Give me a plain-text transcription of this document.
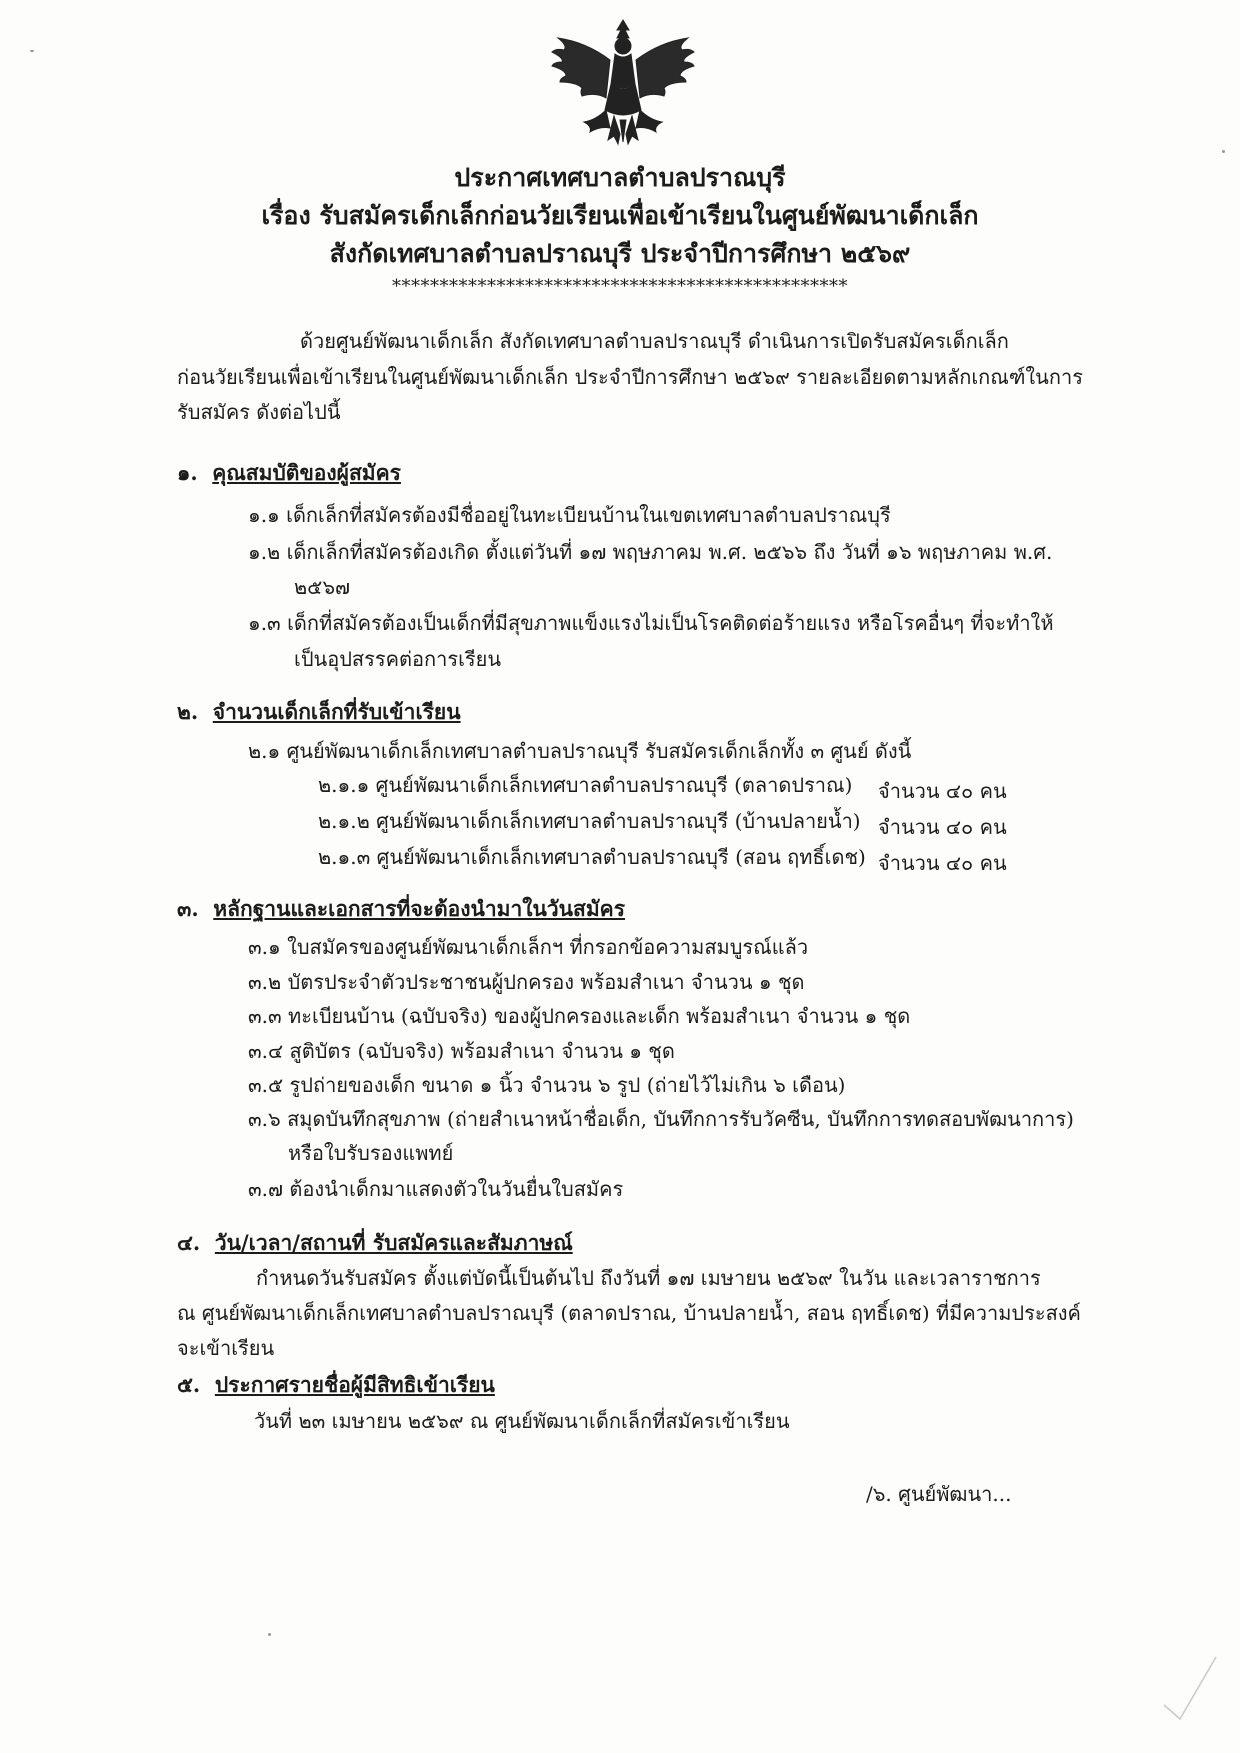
ประกาศเทศบาลตำบลปราณบุรี
เรื่อง รับสมัครเด็กเล็กก่อนวัยเรียนเพื่อเข้าเรียนในศูนย์พัฒนาเด็กเล็ก
สังกัดเทศบาลตำบลปราณบุรี ประจำปีการศึกษา ๒๕๖๙
************************************************
ด้วยศูนย์พัฒนาเด็กเล็ก สังกัดเทศบาลตำบลปราณบุรี ดำเนินการเปิดรับสมัครเด็กเล็ก
ก่อนวัยเรียนเพื่อเข้าเรียนในศูนย์พัฒนาเด็กเล็ก ประจำปีการศึกษา ๒๕๖๙ รายละเอียดตามหลักเกณฑ์ในการ
รับสมัคร ดังต่อไปนี้
๑. คุณสมบัติของผู้สมัคร
๑.๑ เด็กเล็กที่สมัครต้องมีชื่ออยู่ในทะเบียนบ้านในเขตเทศบาลตำบลปราณบุรี
๑.๒ เด็กเล็กที่สมัครต้องเกิด ตั้งแต่วันที่ ๑๗ พฤษภาคม พ.ศ. ๒๕๖๖ ถึง วันที่ ๑๖ พฤษภาคม พ.ศ.
๒๕๖๗
๑.๓ เด็กที่สมัครต้องเป็นเด็กที่มีสุขภาพแข็งแรงไม่เป็นโรคติดต่อร้ายแรง หรือโรคอื่นๆ ที่จะทำให้
เป็นอุปสรรคต่อการเรียน
๒. จำนวนเด็กเล็กที่รับเข้าเรียน
๒.๑ ศูนย์พัฒนาเด็กเล็กเทศบาลตำบลปราณบุรี รับสมัครเด็กเล็กทั้ง ๓ ศูนย์ ดังนี้
๒.๑.๑ ศูนย์พัฒนาเด็กเล็กเทศบาลตำบลปราณบุรี (ตลาดปราณ) จำนวน ๔๐ คน
๒.๑.๒ ศูนย์พัฒนาเด็กเล็กเทศบาลตำบลปราณบุรี (บ้านปลายน้ำ) จำนวน ๔๐ คน
๒.๑.๓ ศูนย์พัฒนาเด็กเล็กเทศบาลตำบลปราณบุรี (สอน ฤทธิ์เดช) จำนวน ๔๐ คน
๓. หลักฐานและเอกสารที่จะต้องนำมาในวันสมัคร
๓.๑ ใบสมัครของศูนย์พัฒนาเด็กเล็กฯ ที่กรอกข้อความสมบูรณ์แล้ว
๓.๒ บัตรประจำตัวประชาชนผู้ปกครอง พร้อมสำเนา จำนวน ๑ ชุด
๓.๓ ทะเบียนบ้าน (ฉบับจริง) ของผู้ปกครองและเด็ก พร้อมสำเนา จำนวน ๑ ชุด
๓.๔ สูติบัตร (ฉบับจริง) พร้อมสำเนา จำนวน ๑ ชุด
๓.๕ รูปถ่ายของเด็ก ขนาด ๑ นิ้ว จำนวน ๖ รูป (ถ่ายไว้ไม่เกิน ๖ เดือน)
๓.๖ สมุดบันทึกสุขภาพ (ถ่ายสำเนาหน้าชื่อเด็ก, บันทึกการรับวัคซีน, บันทึกการทดสอบพัฒนาการ)
หรือใบรับรองแพทย์
๓.๗ ต้องนำเด็กมาแสดงตัวในวันยื่นใบสมัคร
๔. วัน/เวลา/สถานที่ รับสมัครและสัมภาษณ์
กำหนดวันรับสมัคร ตั้งแต่บัดนี้เป็นต้นไป ถึงวันที่ ๑๗ เมษายน ๒๕๖๙ ในวัน และเวลาราชการ
ณ ศูนย์พัฒนาเด็กเล็กเทศบาลตำบลปราณบุรี (ตลาดปราณ, บ้านปลายน้ำ, สอน ฤทธิ์เดช) ที่มีความประสงค์
จะเข้าเรียน
๕. ประกาศรายชื่อผู้มีสิทธิเข้าเรียน
วันที่ ๒๓ เมษายน ๒๕๖๙ ณ ศูนย์พัฒนาเด็กเล็กที่สมัครเข้าเรียน
/๖. ศูนย์พัฒนา...
